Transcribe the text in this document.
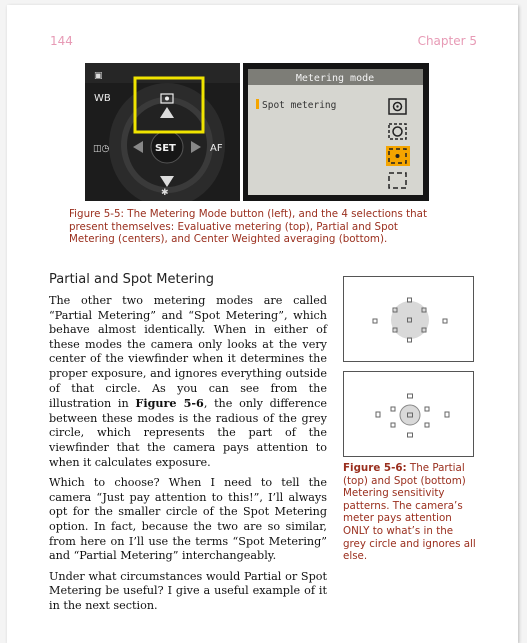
144	Chapter 5
▣
WB
SET	AF
◫◷
✱
Metering mode
Spot metering
Figure 5-5: The Metering Mode button (left), and the 4 selections that present themselves: Evaluative metering (top), Partial and Spot Metering (centers), and Center Weighted averaging (bottom).
Partial and Spot Metering

The other two metering modes are called “Partial Metering” and “Spot Metering”, which behave almost identically. When in either of these modes the camera only looks at the very center of the viewfinder when it determines the proper exposure, and ignores everything outside of that circle. As you can see from the illustration in Figure 5-6, the only difference between these modes is the radious of the grey circle, which represents the part of the viewfinder that the camera pays attention to when it calculates exposure.

Which to choose? When I need to tell the camera “Just pay attention to this!”, I’ll always opt for the smaller circle of the Spot Metering option. In fact, because the two are so similar, from here on I’ll use the terms “Spot Metering” and “Partial Metering” interchangeably.

Under what circumstances would Partial or Spot Metering be useful? I give a useful example of it in the next section.

Figure 5-6: The Partial (top) and Spot (bottom) Metering sensitivity patterns. The camera’s meter pays attention ONLY to what’s in the grey circle and ignores all else.
